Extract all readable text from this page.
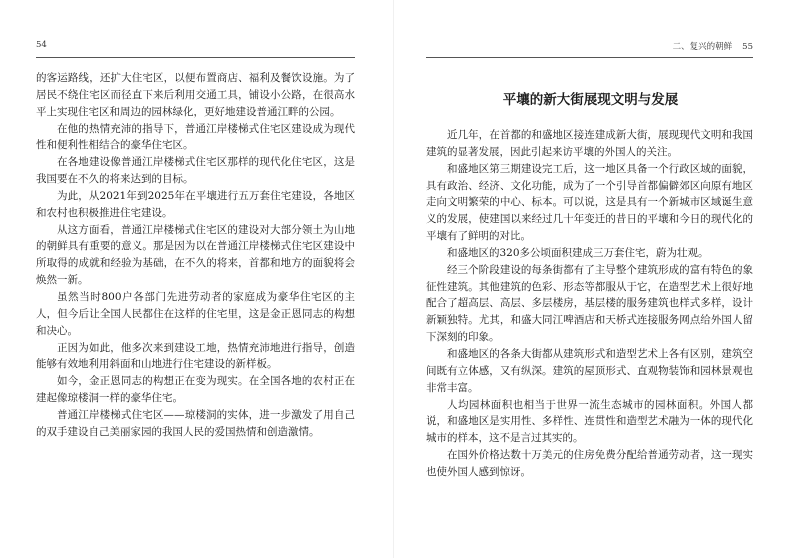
54

的客运路线，还扩大住宅区，以便布置商店、福利及餐饮设施。为了居民不绕住宅区而径直下来后利用交通工具，铺设小公路，在很高水平上实现住宅区和周边的园林绿化，更好地建设普通江畔的公园。

在他的热情充沛的指导下，普通江岸楼梯式住宅区建设成为现代性和便利性相结合的豪华住宅区。

在各地建设像普通江岸楼梯式住宅区那样的现代化住宅区，这是我国要在不久的将来达到的目标。

为此，从2021年到2025年在平壤进行五万套住宅建设，各地区和农村也积极推进住宅建设。

从这方面看，普通江岸楼梯式住宅区的建设对大部分领土为山地的朝鲜具有重要的意义。那是因为以在普通江岸楼梯式住宅区建设中所取得的成就和经验为基础，在不久的将来，首都和地方的面貌将会焕然一新。

虽然当时800户各部门先进劳动者的家庭成为豪华住宅区的主人，但今后让全国人民都住在这样的住宅里，这是金正恩同志的构想和决心。

正因为如此，他多次来到建设工地，热情充沛地进行指导，创造能够有效地利用斜面和山地进行住宅建设的新样板。

如今，金正恩同志的构想正在变为现实。在全国各地的农村正在建起像琼楼洞一样的豪华住宅。

普通江岸楼梯式住宅区——琼楼洞的实体，进一步激发了用自己的双手建设自己美丽家园的我国人民的爱国热情和创造激情。

二、复兴的朝鲜 55
平壤的新大街展现文明与发展

近几年，在首都的和盛地区接连建成新大街，展现现代文明和我国建筑的显著发展，因此引起来访平壤的外国人的关注。

和盛地区第三期建设完工后，这一地区具备一个行政区域的面貌，具有政治、经济、文化功能，成为了一个引导首都偏僻郊区向原有地区走向文明繁荣的中心、标本。可以说，这是具有一个新城市区域诞生意义的发展，使建国以来经过几十年变迁的昔日的平壤和今日的现代化的平壤有了鲜明的对比。

和盛地区的320多公顷面积建成三万套住宅，蔚为壮观。

经三个阶段建设的每条街都有了主导整个建筑形成的富有特色的象征性建筑。其他建筑的色彩、形态等都服从于它，在造型艺术上很好地配合了超高层、高层、多层楼房，基层楼的服务建筑也样式多样，设计新颖独特。尤其，和盛大同江啤酒店和天桥式连接服务网点给外国人留下深刻的印象。

和盛地区的各条大街都从建筑形式和造型艺术上各有区别，建筑空间既有立体感，又有纵深。建筑的屋顶形式、直观物装饰和园林景观也非常丰富。

人均园林面积也相当于世界一流生态城市的园林面积。外国人都说，和盛地区是实用性、多样性、连贯性和造型艺术融为一体的现代化城市的样本，这不是言过其实的。

在国外价格达数十万美元的住房免费分配给普通劳动者，这一现实也使外国人感到惊讶。
